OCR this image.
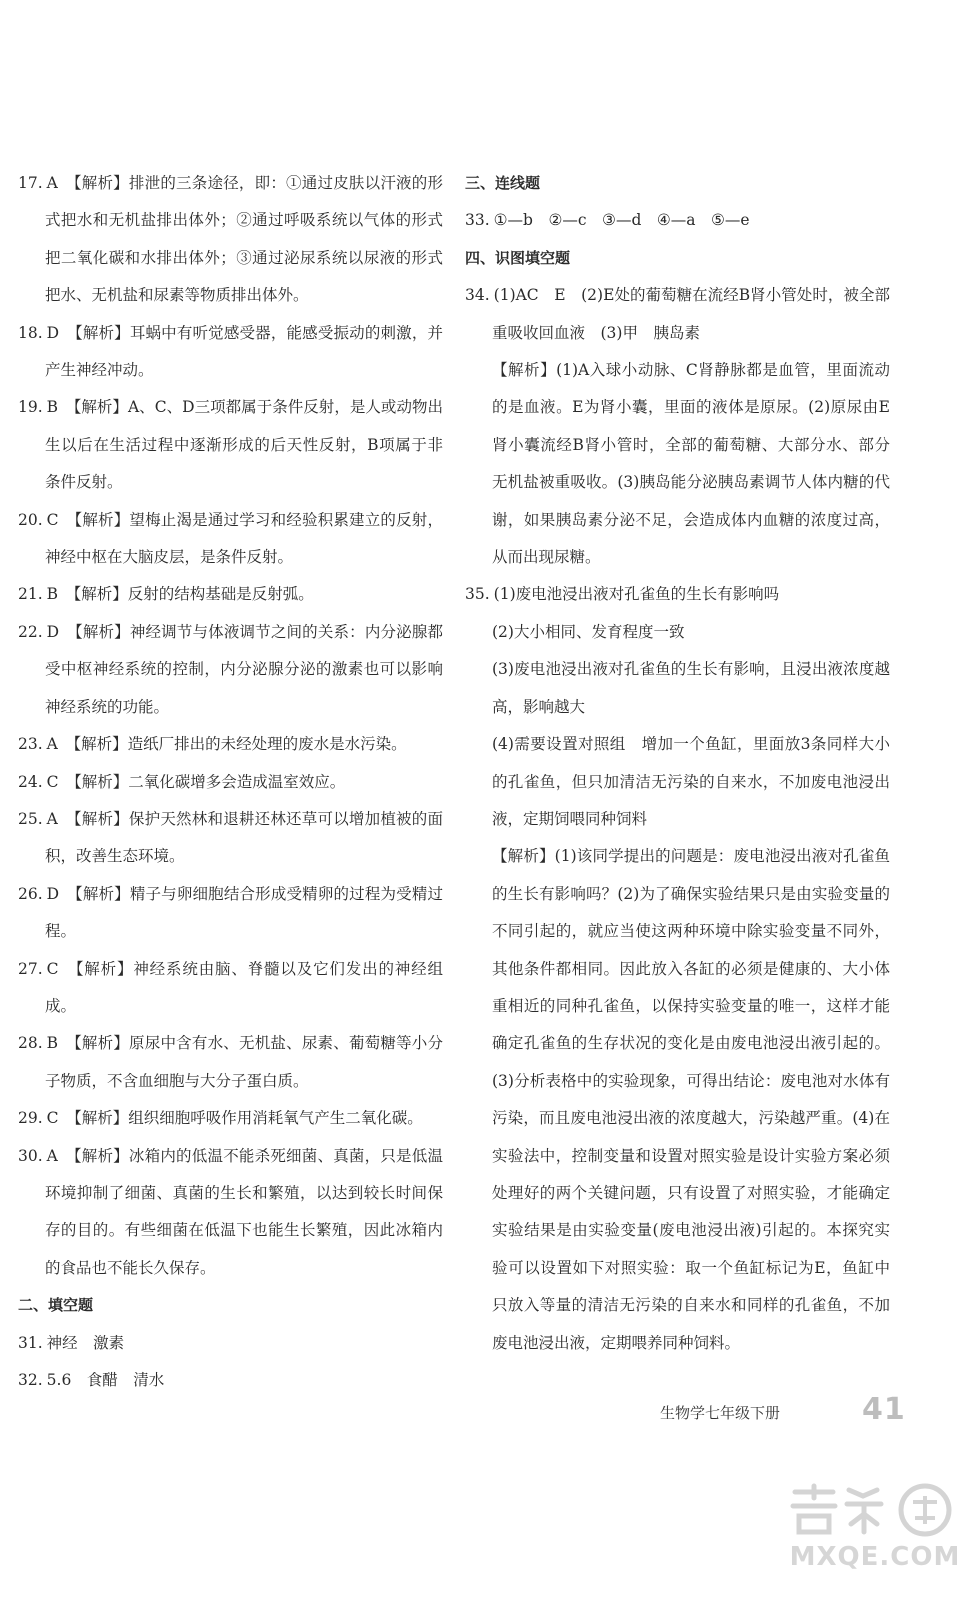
17. A　【解析】排泄的三条途径，即：①通过皮肤以汗液的形式把水和无机盐排出体外；②通过呼吸系统以气体的形式把二氧化碳和水排出体外；③通过泌尿系统以尿液的形式把水、无机盐和尿素等物质排出体外。
18. D　【解析】耳蜗中有听觉感受器，能感受振动的刺激，并产生神经冲动。
19. B　【解析】A、C、D三项都属于条件反射，是人或动物出生以后在生活过程中逐渐形成的后天性反射，B项属于非条件反射。
20. C　【解析】望梅止渴是通过学习和经验积累建立的反射，神经中枢在大脑皮层，是条件反射。
21. B　【解析】反射的结构基础是反射弧。
22. D　【解析】神经调节与体液调节之间的关系：内分泌腺都受中枢神经系统的控制，内分泌腺分泌的激素也可以影响神经系统的功能。
23. A　【解析】造纸厂排出的未经处理的废水是水污染。
24. C　【解析】二氧化碳增多会造成温室效应。
25. A　【解析】保护天然林和退耕还林还草可以增加植被的面积，改善生态环境。
26. D　【解析】精子与卵细胞结合形成受精卵的过程为受精过程。
27. C　【解析】神经系统由脑、脊髓以及它们发出的神经组成。
28. B　【解析】原尿中含有水、无机盐、尿素、葡萄糖等小分子物质，不含血细胞与大分子蛋白质。
29. C　【解析】组织细胞呼吸作用消耗氧气产生二氧化碳。
30. A　【解析】冰箱内的低温不能杀死细菌、真菌，只是低温环境抑制了细菌、真菌的生长和繁殖，以达到较长时间保存的目的。有些细菌在低温下也能生长繁殖，因此冰箱内的食品也不能长久保存。
二、填空题
31. 神经　激素
32. 5.6　食醋　清水
三、连线题
33. ①—b　②—c　③—d　④—a　⑤—e
四、识图填空题
34. (1)AC　E　(2)E处的葡萄糖在流经B肾小管处时，被全部重吸收回血液　(3)甲　胰岛素
【解析】(1)A入球小动脉、C肾静脉都是血管，里面流动的是血液。E为肾小囊，里面的液体是原尿。(2)原尿由E肾小囊流经B肾小管时，全部的葡萄糖、大部分水、部分无机盐被重吸收。(3)胰岛能分泌胰岛素调节人体内糖的代谢，如果胰岛素分泌不足，会造成体内血糖的浓度过高，从而出现尿糖。
35. (1)废电池浸出液对孔雀鱼的生长有影响吗
(2)大小相同、发育程度一致
(3)废电池浸出液对孔雀鱼的生长有影响，且浸出液浓度越高，影响越大
(4)需要设置对照组　增加一个鱼缸，里面放3条同样大小的孔雀鱼，但只加清洁无污染的自来水，不加废电池浸出液，定期饲喂同种饲料
【解析】(1)该同学提出的问题是：废电池浸出液对孔雀鱼的生长有影响吗？(2)为了确保实验结果只是由实验变量的不同引起的，就应当使这两种环境中除实验变量不同外，其他条件都相同。因此放入各缸的必须是健康的、大小体重相近的同种孔雀鱼，以保持实验变量的唯一，这样才能确定孔雀鱼的生存状况的变化是由废电池浸出液引起的。(3)分析表格中的实验现象，可得出结论：废电池对水体有污染，而且废电池浸出液的浓度越大，污染越严重。(4)在实验法中，控制变量和设置对照实验是设计实验方案必须处理好的两个关键问题，只有设置了对照实验，才能确定实验结果是由实验变量(废电池浸出液)引起的。本探究实验可以设置如下对照实验：取一个鱼缸标记为E，鱼缸中只放入等量的清洁无污染的自来水和同样的孔雀鱼，不加废电池浸出液，定期喂养同种饲料。
生物学七年级下册	41
MXQE.COM
